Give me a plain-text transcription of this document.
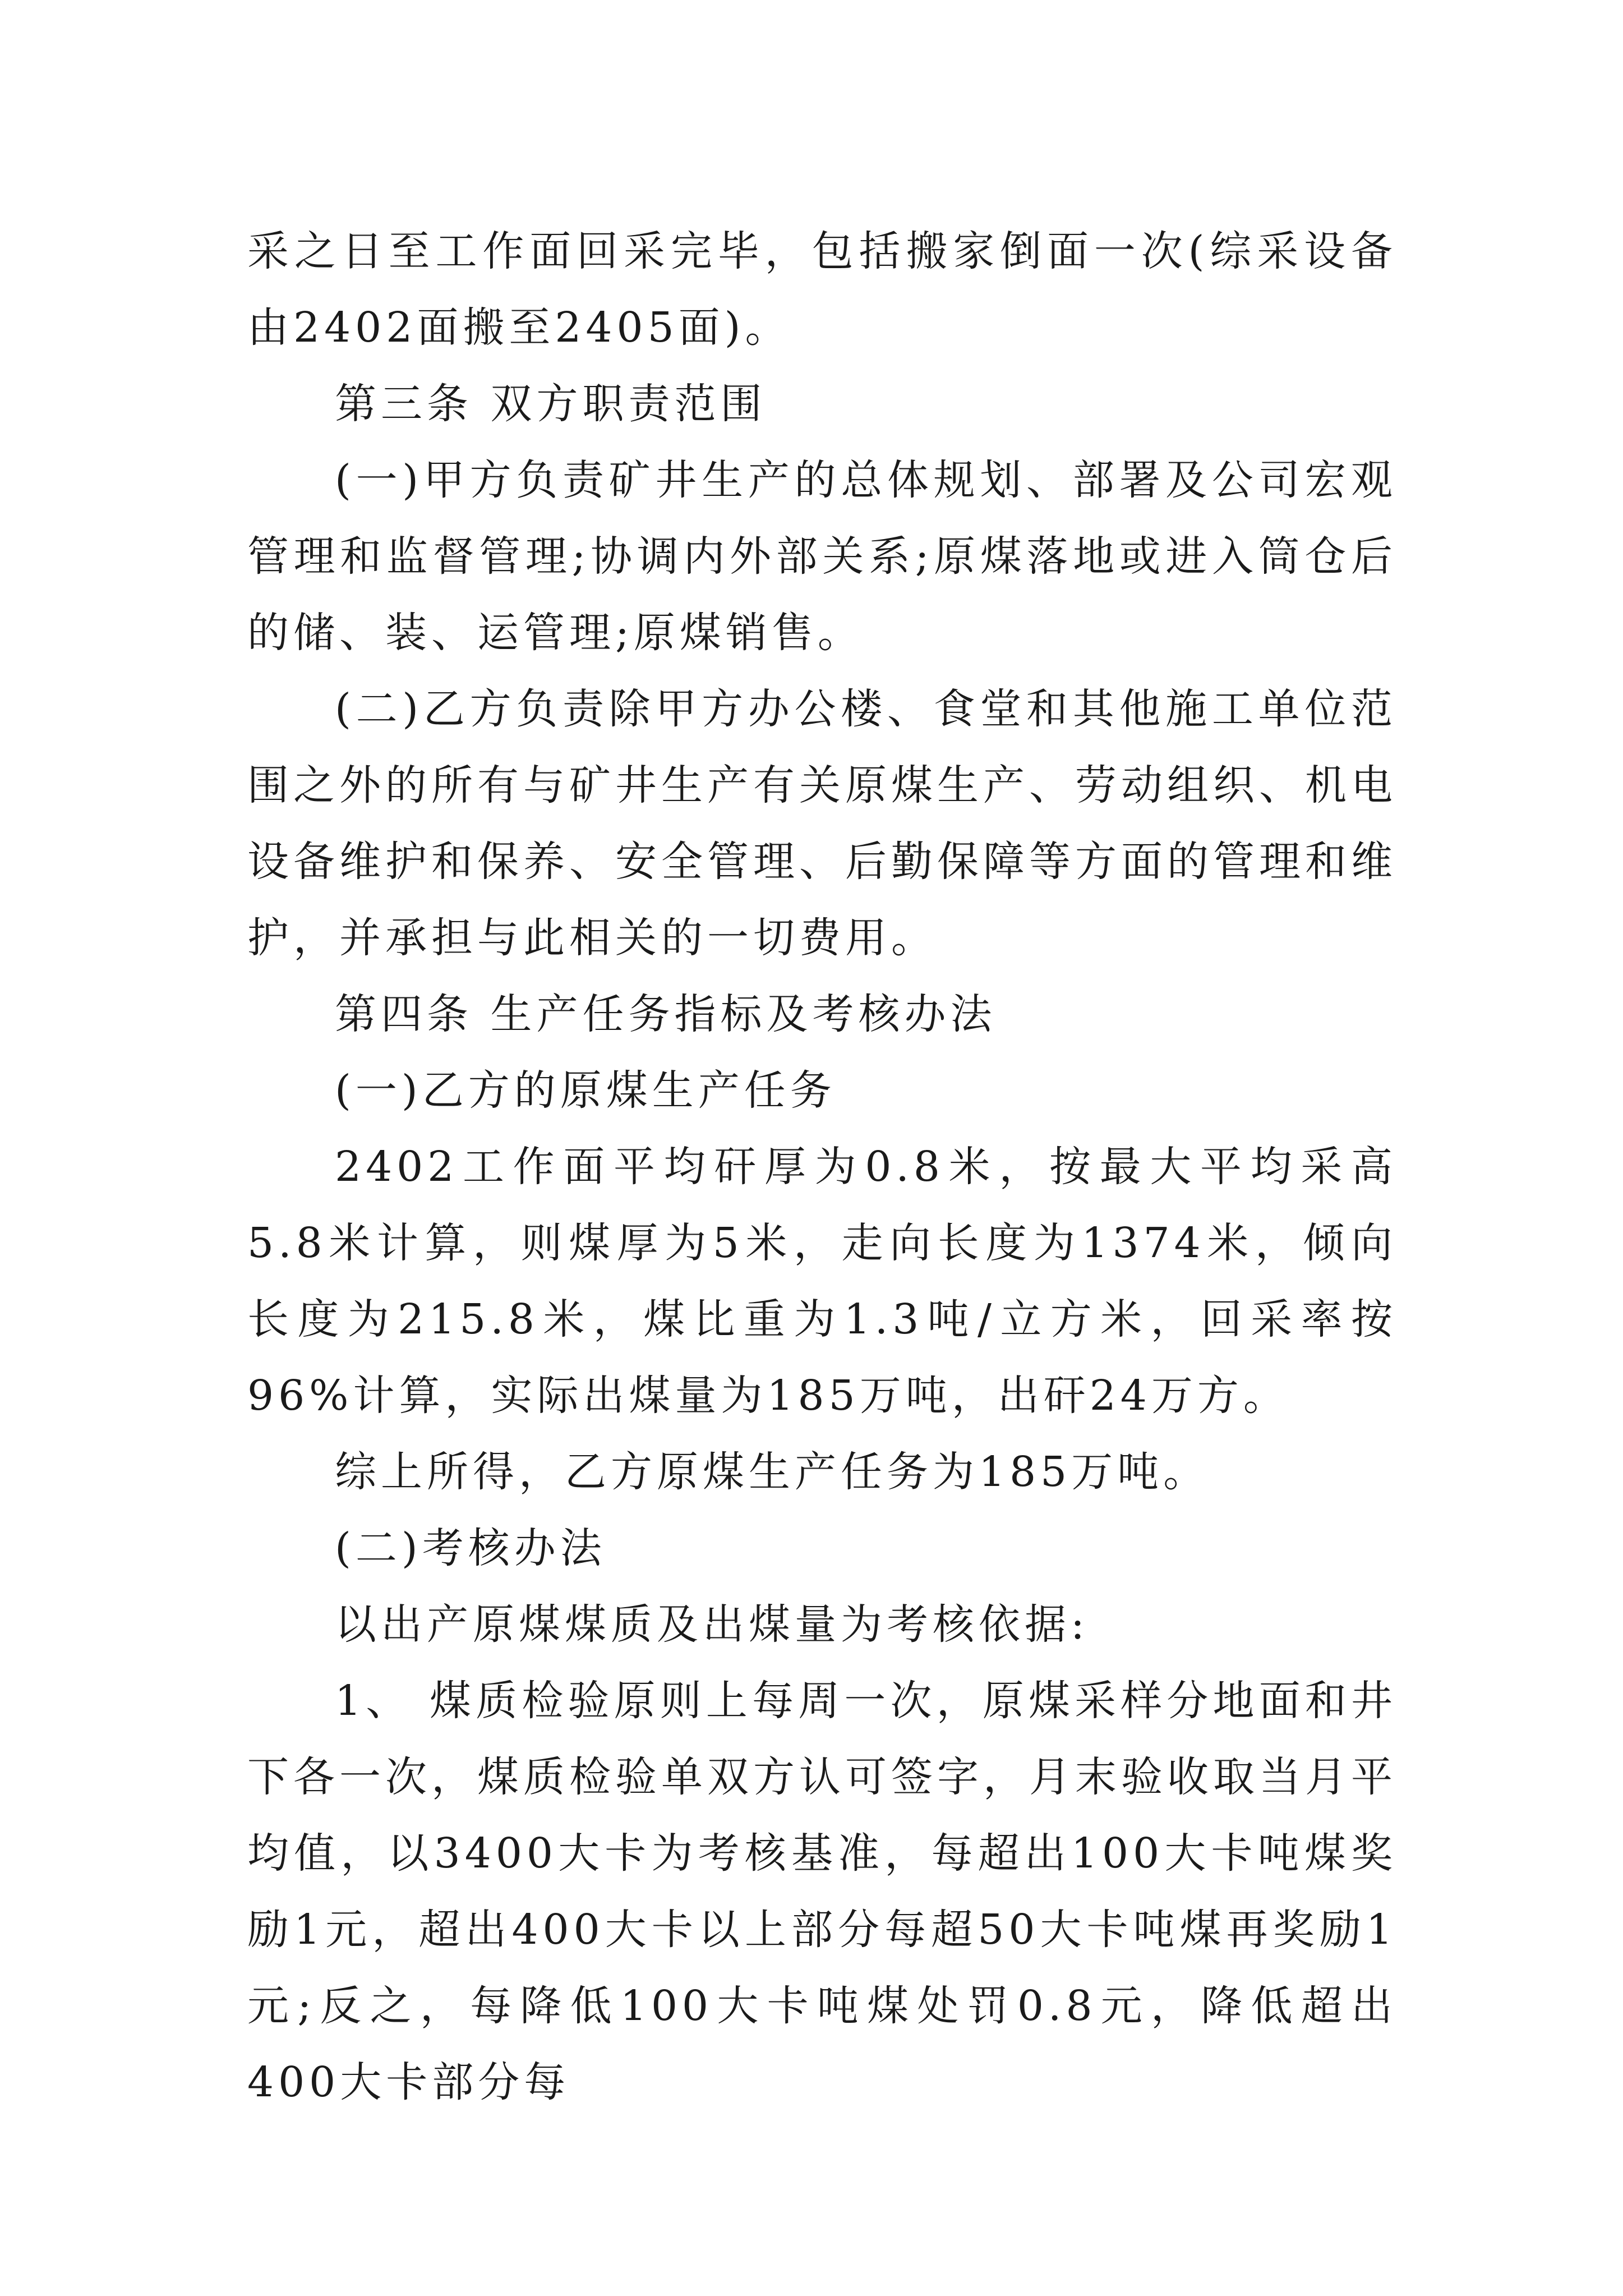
采之日至工作面回采完毕，包括搬家倒面一次(综采设备由2402面搬至2405面)。

第三条 双方职责范围

(一)甲方负责矿井生产的总体规划、部署及公司宏观管理和监督管理;协调内外部关系;原煤落地或进入筒仓后的储、装、运管理;原煤销售。

(二)乙方负责除甲方办公楼、食堂和其他施工单位范围之外的所有与矿井生产有关原煤生产、劳动组织、机电设备维护和保养、安全管理、后勤保障等方面的管理和维护，并承担与此相关的一切费用。

第四条 生产任务指标及考核办法

(一)乙方的原煤生产任务

2402工作面平均矸厚为0.8米，按最大平均采高5.8米计算，则煤厚为5米，走向长度为1374米，倾向长度为215.8米，煤比重为1.3吨/立方米，回采率按96%计算，实际出煤量为185万吨，出矸24万方。

综上所得，乙方原煤生产任务为185万吨。

(二)考核办法

以出产原煤煤质及出煤量为考核依据:

1、 煤质检验原则上每周一次，原煤采样分地面和井下各一次，煤质检验单双方认可签字，月末验收取当月平均值，以3400大卡为考核基准，每超出100大卡吨煤奖励1元，超出400大卡以上部分每超50大卡吨煤再奖励1元;反之，每降低100大卡吨煤处罚0.8元，降低超出400大卡部分每
